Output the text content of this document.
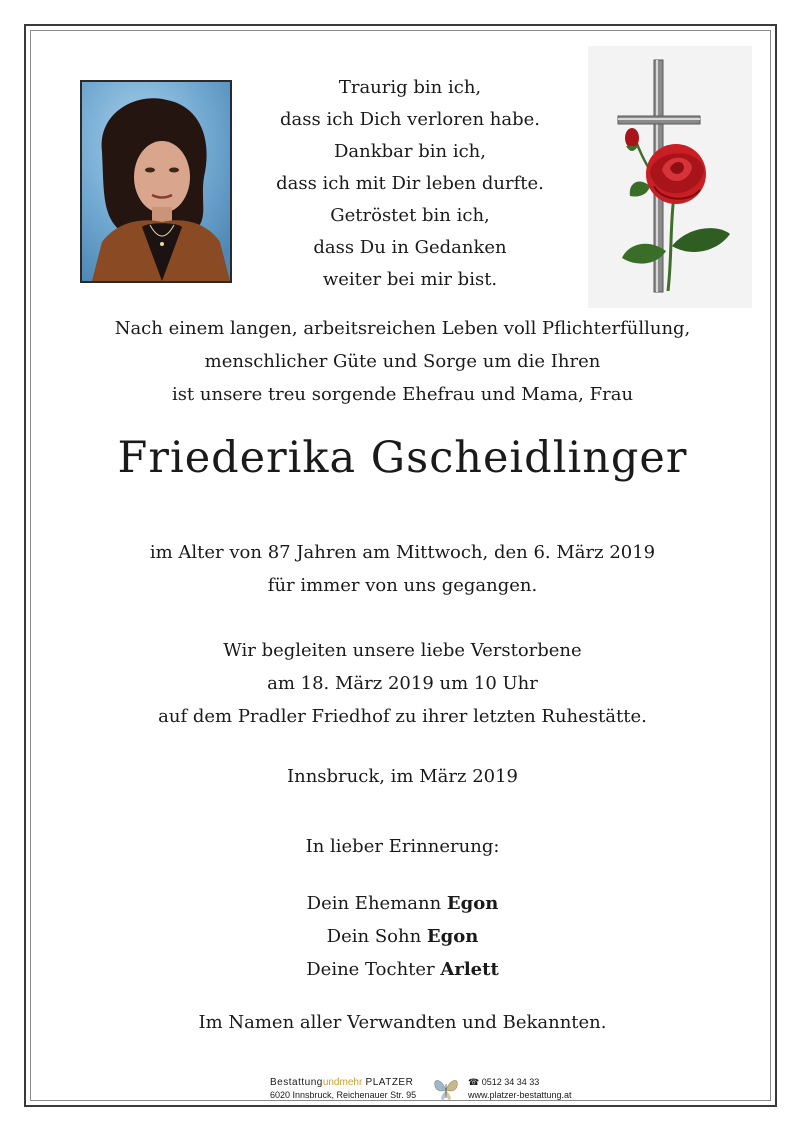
Traurig bin ich,
dass ich Dich verloren habe.
Dankbar bin ich,
dass ich mit Dir leben durfte.
Getröstet bin ich,
dass Du in Gedanken
weiter bei mir bist.
Nach einem langen, arbeitsreichen Leben voll Pflichterfüllung,
menschlicher Güte und Sorge um die Ihren
ist unsere treu sorgende Ehefrau und Mama, Frau
Friederika Gscheidlinger
im Alter von 87 Jahren am Mittwoch, den 6. März 2019
für immer von uns gegangen.
Wir begleiten unsere liebe Verstorbene
am 18. März 2019 um 10 Uhr
auf dem Pradler Friedhof zu ihrer letzten Ruhestätte.
Innsbruck, im März 2019
In lieber Erinnerung:
Dein Ehemann Egon
Dein Sohn Egon
Deine Tochter Arlett
Im Namen aller Verwandten und Bekannten.
Bestattungundmehr PLATZER
6020 Innsbruck, Reichenauer Str. 95
☎ 0512 34 34 33
www.platzer-bestattung.at
